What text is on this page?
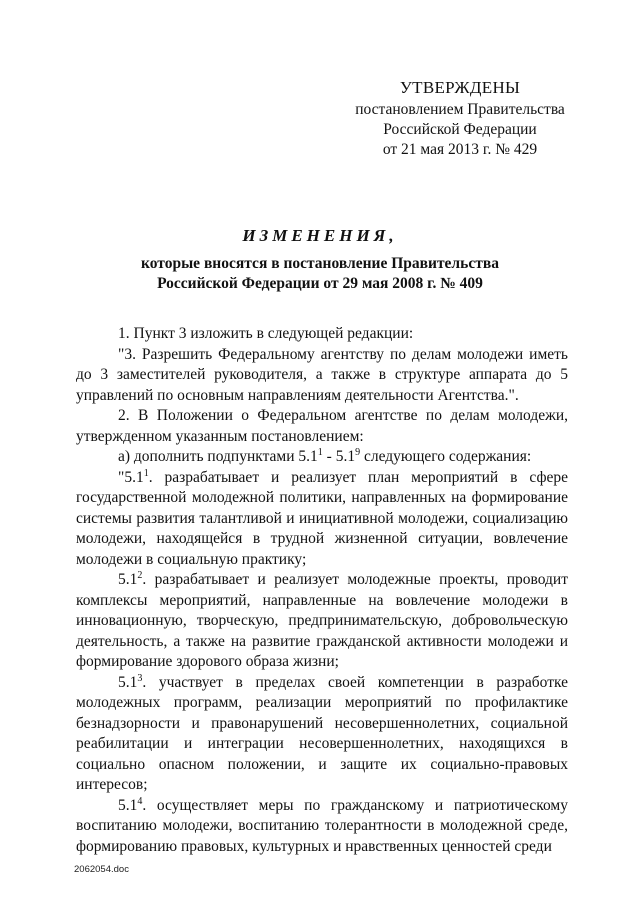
УТВЕРЖДЕНЫ
постановлением Правительства
Российской Федерации
от 21 мая 2013 г. № 429
ИЗМЕНЕНИЯ,
которые вносятся в постановление Правительства
Российской Федерации от 29 мая 2008 г. № 409

1. Пункт 3 изложить в следующей редакции:

"3. Разрешить Федеральному агентству по делам молодежи иметь до 3 заместителей руководителя, а также в структуре аппарата до 5 управлений по основным направлениям деятельности Агентства.".

2. В Положении о Федеральном агентстве по делам молодежи, утвержденном указанным постановлением:

а) дополнить подпунктами $5.1^1 - 5.1^9$ следующего содержания:

"$5.1^1$. разрабатывает и реализует план мероприятий в сфере государственной молодежной политики, направленных на формирование системы развития талантливой и инициативной молодежи, социализацию молодежи, находящейся в трудной жизненной ситуации, вовлечение молодежи в социальную практику;

$5.1^2$. разрабатывает и реализует молодежные проекты, проводит комплексы мероприятий, направленные на вовлечение молодежи в инновационную, творческую, предпринимательскую, добровольческую деятельность, а также на развитие гражданской активности молодежи и формирование здорового образа жизни;

$5.1^3$. участвует в пределах своей компетенции в разработке молодежных программ, реализации мероприятий по профилактике безнадзорности и правонарушений несовершеннолетних, социальной реабилитации и интеграции несовершеннолетних, находящихся в социально опасном положении, и защите их социально-правовых интересов;

$5.1^4$. осуществляет меры по гражданскому и патриотическому воспитанию молодежи, воспитанию толерантности в молодежной среде, формированию правовых, культурных и нравственных ценностей среди

2062054.doc
